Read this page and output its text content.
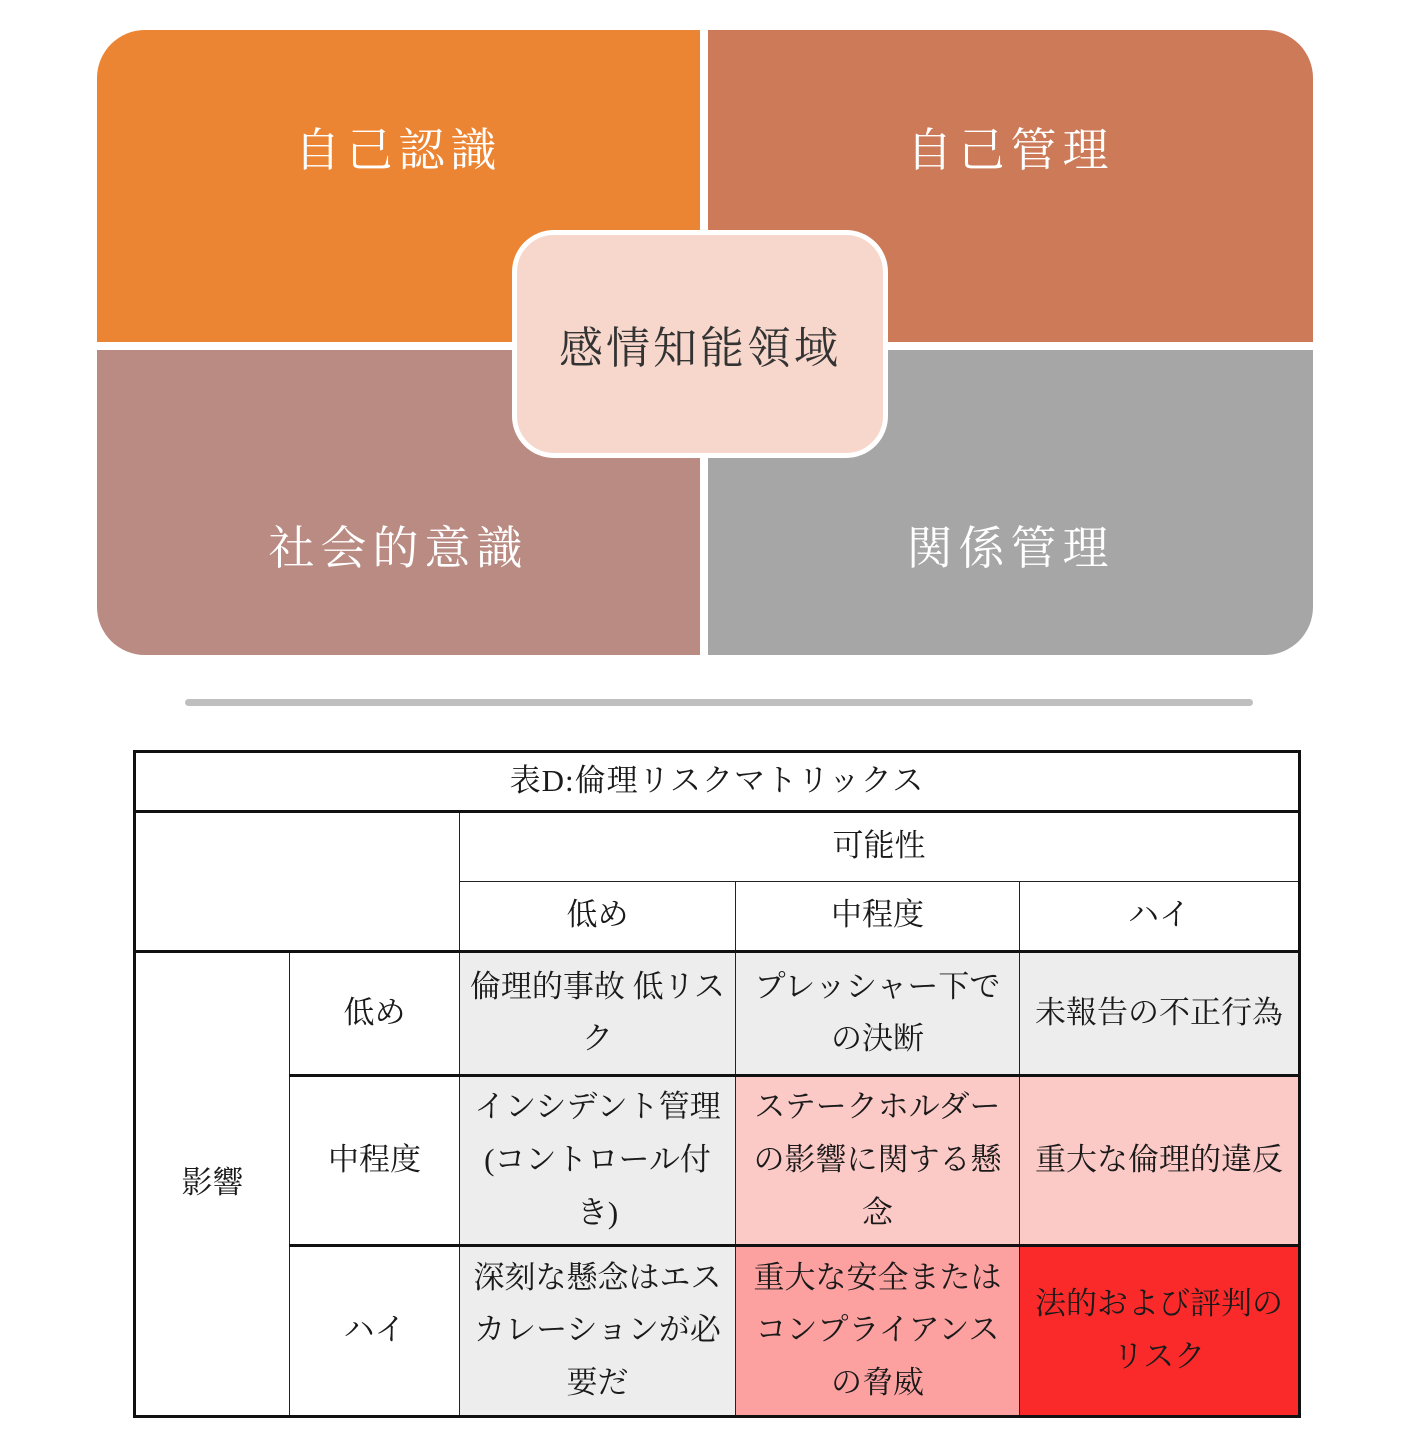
自己認識	自己管理
社会的意識	関係管理
感情知能領域
表D:倫理リスクマトリックス				
		可能性		
		低め	中程度	ハイ
影響	低め	倫理的事故 低リスク	プレッシャー下での決断	未報告の不正行為
	中程度	インシデント管理(コントロール付き)	ステークホルダーの影響に関する懸念	重大な倫理的違反
	ハイ	深刻な懸念はエスカレーションが必要だ	重大な安全またはコンプライアンスの脅威	法的および評判のリスク
